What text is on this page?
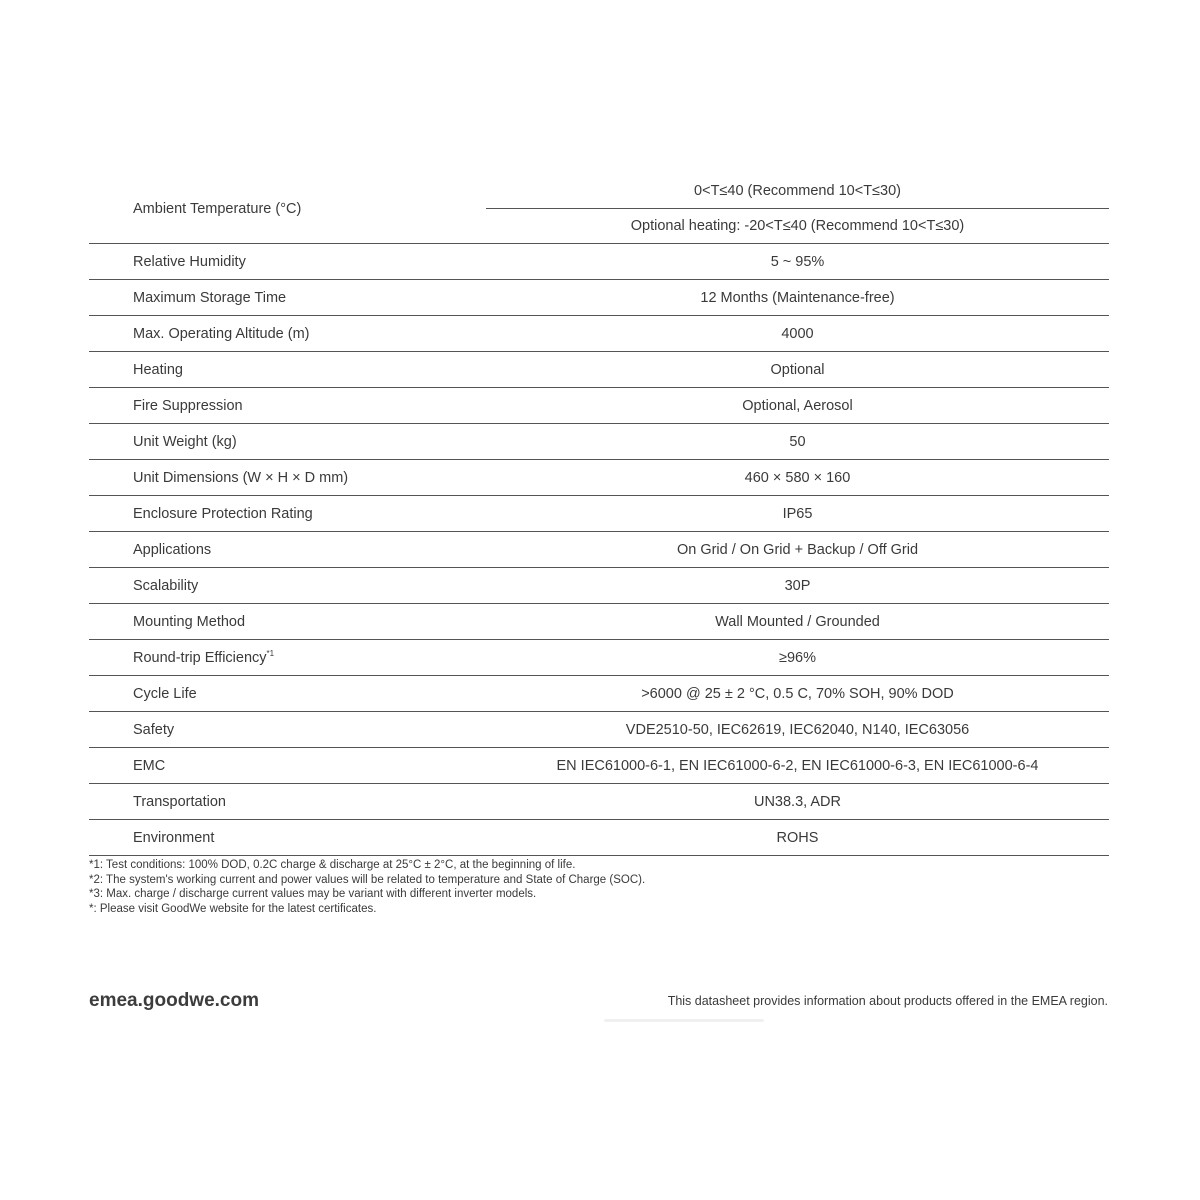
Ambient Temperature (°C)	0<T≤40 (Recommend 10<T≤30)
	Optional heating: -20<T≤40 (Recommend 10<T≤30)
Relative Humidity	5 ~ 95%
Maximum Storage Time	12 Months (Maintenance-free)
Max. Operating Altitude (m)	4000
Heating	Optional
Fire Suppression	Optional, Aerosol
Unit Weight (kg)	50
Unit Dimensions (W × H × D mm)	460 × 580 × 160
Enclosure Protection Rating	IP65
Applications	On Grid / On Grid + Backup / Off Grid
Scalability	30P
Mounting Method	Wall Mounted / Grounded
Round-trip Efficiency$^{*1}$	≥96%
Cycle Life	>6000 @ 25 ± 2 °C, 0.5 C, 70% SOH, 90% DOD
Safety	VDE2510-50, IEC62619, IEC62040, N140, IEC63056
EMC	EN IEC61000-6-1, EN IEC61000-6-2, EN IEC61000-6-3, EN IEC61000-6-4
Transportation	UN38.3, ADR
Environment	ROHS
*1: Test conditions: 100% DOD, 0.2C charge & discharge at 25°C ± 2°C, at the beginning of life.
*2: The system's working current and power values will be related to temperature and State of Charge (SOC).
*3: Max. charge / discharge current values may be variant with different inverter models.
*: Please visit GoodWe website for the latest certificates.
emea.goodwe.com	This datasheet provides information about products offered in the EMEA region.
